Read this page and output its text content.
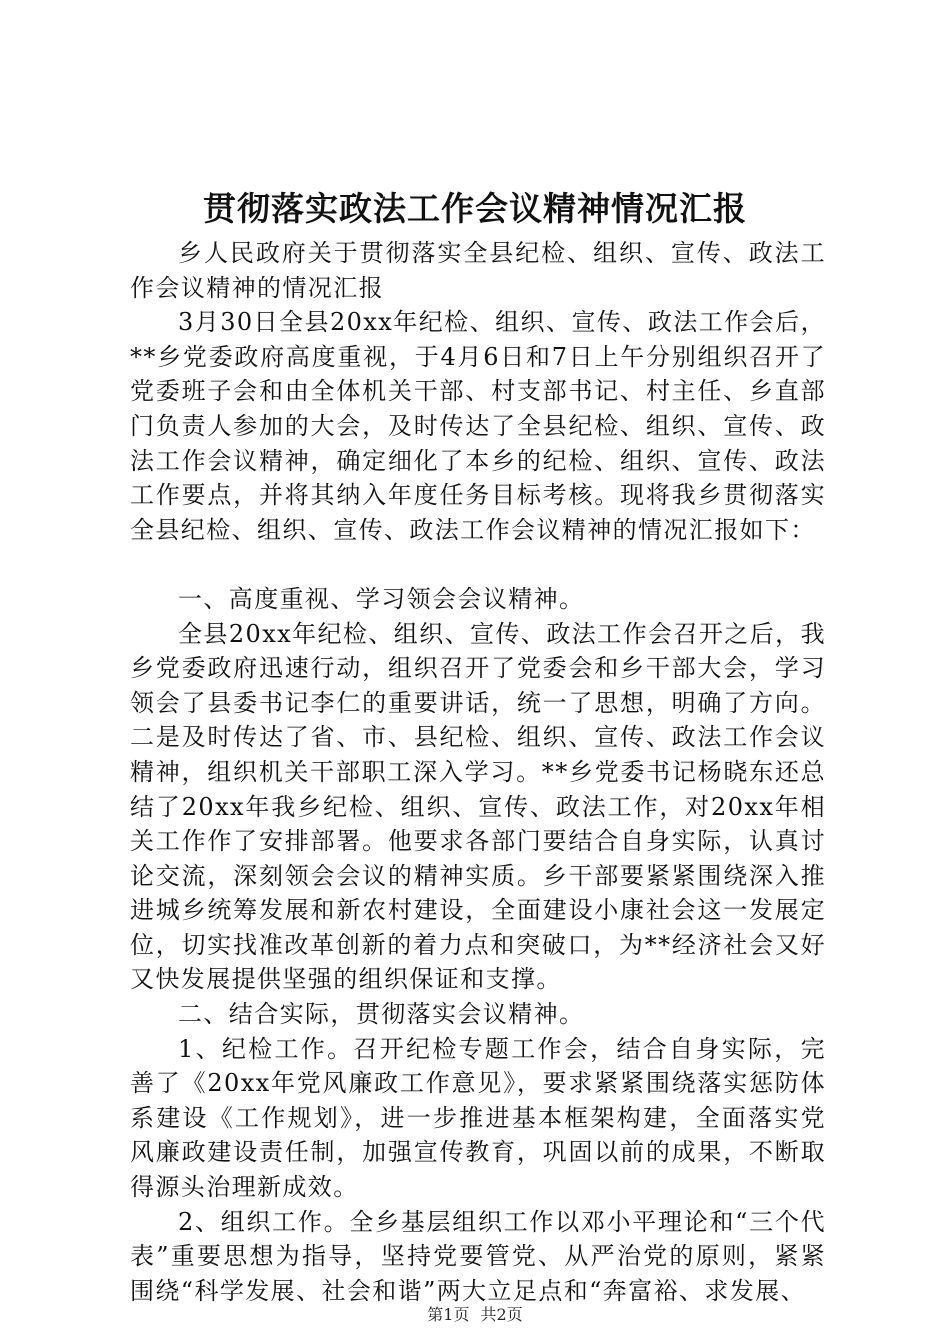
贯彻落实政法工作会议精神情况汇报

乡人民政府关于贯彻落实全县纪检、组织、宣传、政法工作会议精神的情况汇报

3月30日全县20xx年纪检、组织、宣传、政法工作会后，**乡党委政府高度重视，于4月6日和7日上午分别组织召开了党委班子会和由全体机关干部、村支部书记、村主任、乡直部门负责人参加的大会，及时传达了全县纪检、组织、宣传、政法工作会议精神，确定细化了本乡的纪检、组织、宣传、政法工作要点，并将其纳入年度任务目标考核。现将我乡贯彻落实全县纪检、组织、宣传、政法工作会议精神的情况汇报如下：

一、高度重视、学习领会会议精神。

全县20xx年纪检、组织、宣传、政法工作会召开之后，我乡党委政府迅速行动，组织召开了党委会和乡干部大会，学习领会了县委书记李仁的重要讲话，统一了思想，明确了方向。二是及时传达了省、市、县纪检、组织、宣传、政法工作会议精神，组织机关干部职工深入学习。**乡党委书记杨晓东还总结了20xx年我乡纪检、组织、宣传、政法工作，对20xx年相关工作作了安排部署。他要求各部门要结合自身实际，认真讨论交流，深刻领会会议的精神实质。乡干部要紧紧围绕深入推进城乡统筹发展和新农村建设，全面建设小康社会这一发展定位，切实找准改革创新的着力点和突破口，为**经济社会又好又快发展提供坚强的组织保证和支撑。

二、结合实际，贯彻落实会议精神。

1、纪检工作。召开纪检专题工作会，结合自身实际，完善了《20xx年党风廉政工作意见》，要求紧紧围绕落实惩防体系建设《工作规划》，进一步推进基本框架构建，全面落实党风廉政建设责任制，加强宣传教育，巩固以前的成果，不断取得源头治理新成效。

2、组织工作。全乡基层组织工作以邓小平理论和“三个代表”重要思想为指导，坚持党要管党、从严治党的原则，紧紧围绕“科学发展、社会和谐”两大立足点和“奔富裕、求发展、

第1页 共2页
